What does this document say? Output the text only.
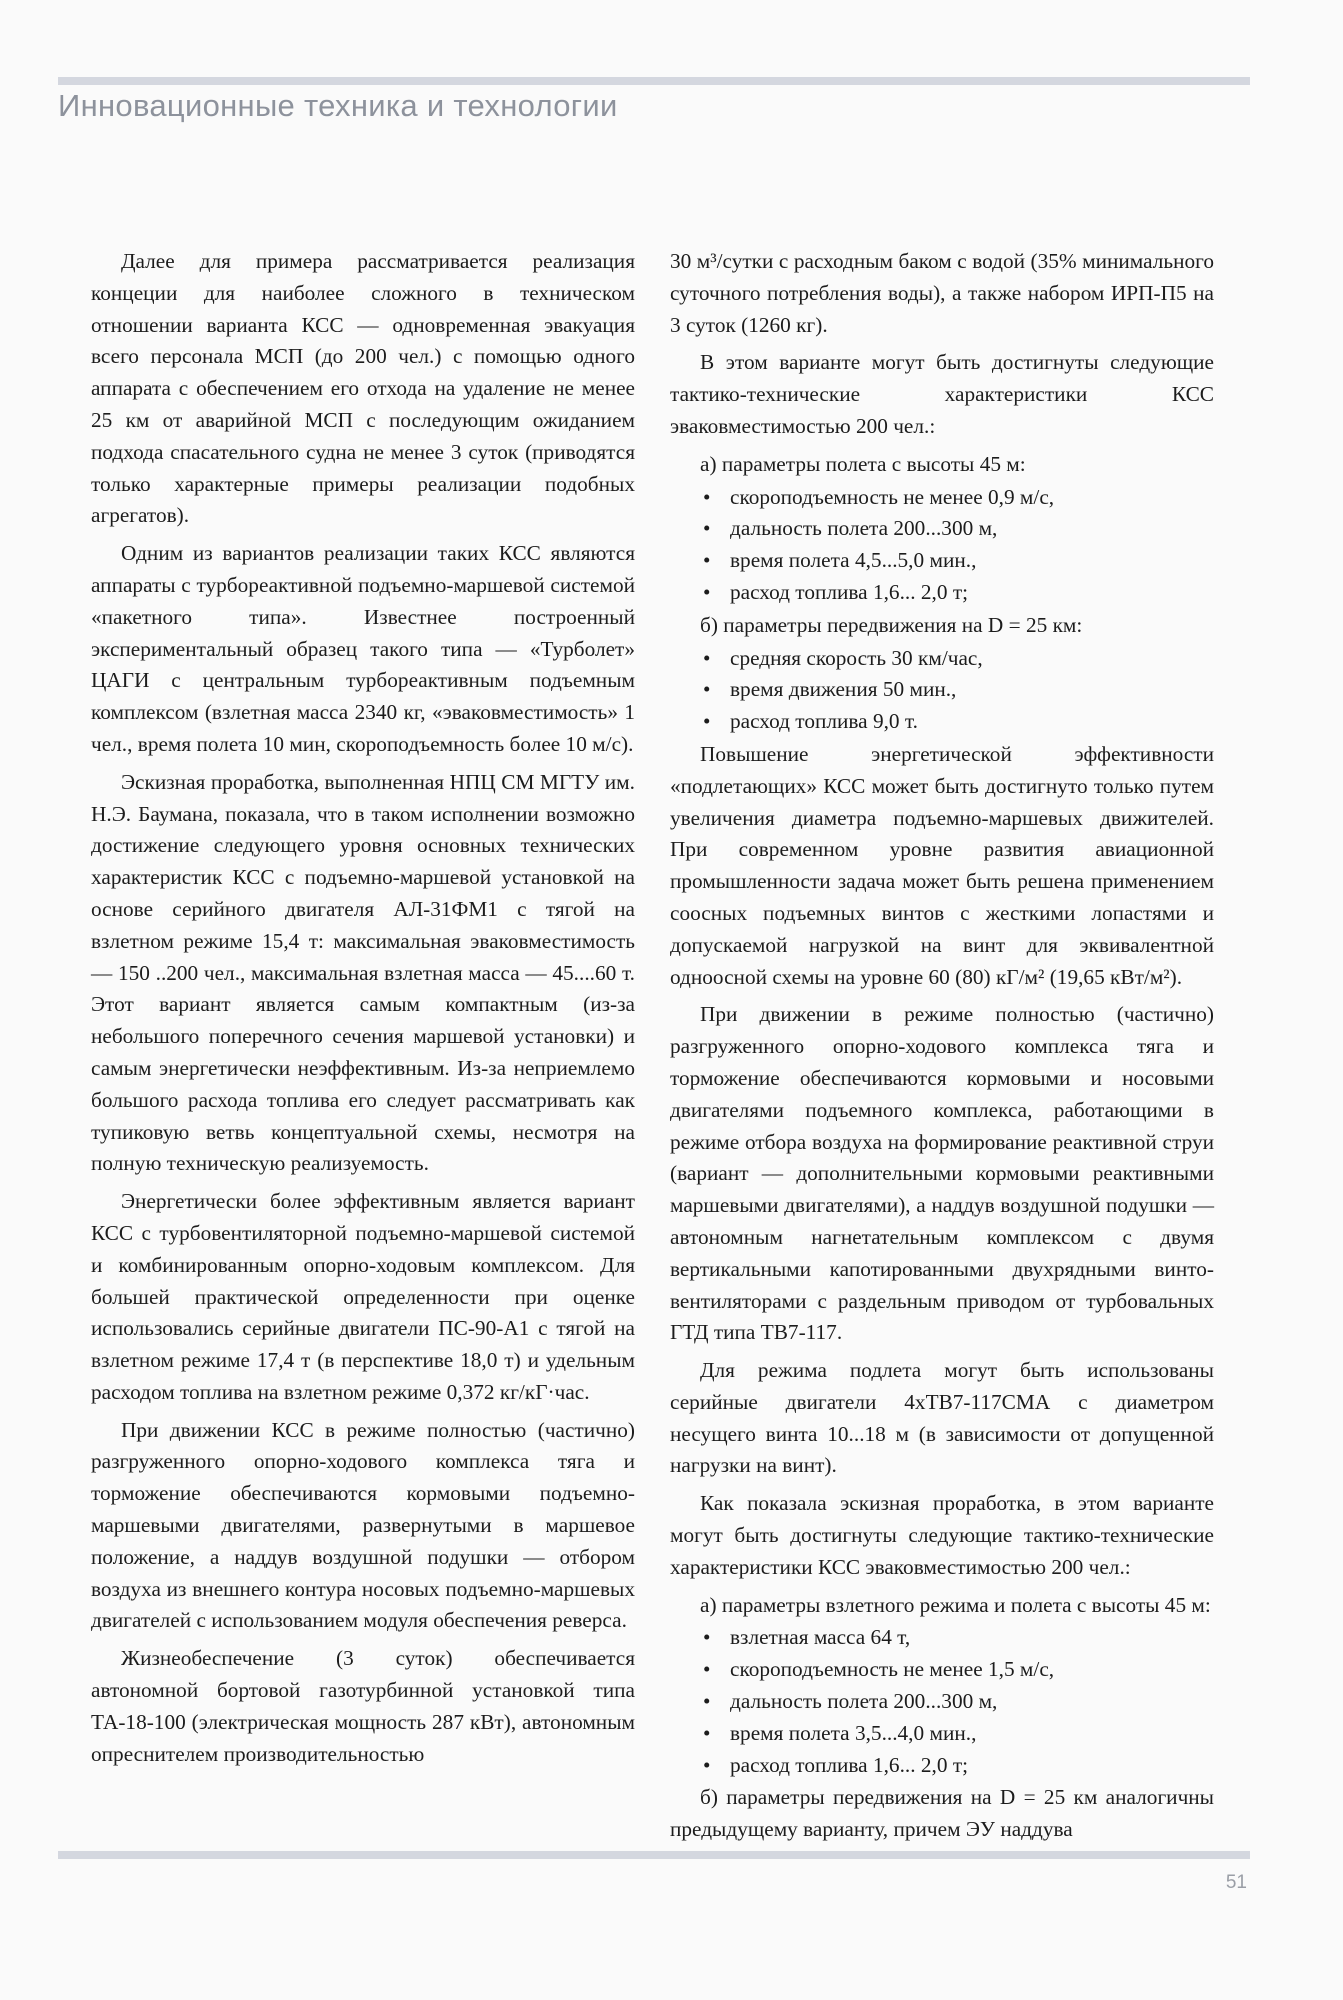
Инновационные техника и технологии

Далее для примера рассматривается реализация концеции для наиболее сложного в техническом отношении варианта КСС — одновременная эвакуация всего персонала МСП (до 200 чел.) с помощью одного аппарата с обеспечением его отхода на удаление не менее 25 км от аварийной МСП с последующим ожиданием подхода спасательного судна не менее 3 суток (приводятся только характерные примеры реализации подобных агрегатов).

Одним из вариантов реализации таких КСС являются аппараты с турбореактивной подъемно-маршевой системой «пакетного типа». Известнее построенный экспериментальный образец такого типа — «Турболет» ЦАГИ с центральным турбореактивным подъемным комплексом (взлетная масса 2340 кг, «эваковместимость» 1 чел., время полета 10 мин, скороподъемность более 10 м/с).

Эскизная проработка, выполненная НПЦ СМ МГТУ им. Н.Э. Баумана, показала, что в таком исполнении возможно достижение следующего уровня основных технических характеристик КСС с подъемно-маршевой установкой на основе серийного двигателя АЛ-31ФМ1 с тягой на взлетном режиме 15,4 т: максимальная эваковместимость — 150 ..200 чел., максимальная взлетная масса — 45....60 т. Этот вариант является самым компактным (из-за небольшого поперечного сечения маршевой установки) и самым энергетически неэффективным. Из-за неприемлемо большого расхода топлива его следует рассматривать как тупиковую ветвь концептуальной схемы, несмотря на полную техническую реализуемость.

Энергетически более эффективным является вариант КСС с турбовентиляторной подъемно-маршевой системой и комбинированным опорно-ходовым комплексом. Для большей практической определенности при оценке использовались серийные двигатели ПС-90-А1 с тягой на взлетном режиме 17,4 т (в перспективе 18,0 т) и удельным расходом топлива на взлетном режиме 0,372 кг/кГ·час.

При движении КСС в режиме полностью (частично) разгруженного опорно-ходового комплекса тяга и торможение обеспечиваются кормовыми подъемно-маршевыми двигателями, развернутыми в маршевое положение, а наддув воздушной подушки — отбором воздуха из внешнего контура носовых подъемно-маршевых двигателей с использованием модуля обеспечения реверса.

Жизнеобеспечение (3 суток) обеспечивается автономной бортовой газотурбинной установкой типа ТА-18-100 (электрическая мощность 287 кВт), автономным опреснителем производительностью

30 м³/сутки с расходным баком с водой (35% минимального суточного потребления воды), а также набором ИРП-П5 на 3 суток (1260 кг).

В этом варианте могут быть достигнуты следующие тактико-технические характеристики КСС эваковместимостью 200 чел.:

а) параметры полета с высоты 45 м:

• скороподъемность не менее 0,9 м/с,
• дальность полета 200...300 м,
• время полета 4,5...5,0 мин.,
• расход топлива 1,6... 2,0 т;

б) параметры передвижения на D = 25 км:

• средняя скорость 30 км/час,
• время движения 50 мин.,
• расход топлива 9,0 т.

Повышение энергетической эффективности «подлетающих» КСС может быть достигнуто только путем увеличения диаметра подъемно-маршевых движителей. При современном уровне развития авиационной промышленности задача может быть решена применением соосных подъемных винтов с жесткими лопастями и допускаемой нагрузкой на винт для эквивалентной одноосной схемы на уровне 60 (80) кГ/м² (19,65 кВт/м²).

При движении в режиме полностью (частично) разгруженного опорно-ходового комплекса тяга и торможение обеспечиваются кормовыми и носовыми двигателями подъемного комплекса, работающими в режиме отбора воздуха на формирование реактивной струи (вариант — дополнительными кормовыми реактивными маршевыми двигателями), а наддув воздушной подушки — автономным нагнетательным комплексом с двумя вертикальными капотированными двухрядными винто-вентиляторами с раздельным приводом от турбовальных ГТД типа ТВ7-117.

Для режима подлета могут быть использованы серийные двигатели 4хТВ7-117СМА с диаметром несущего винта 10...18 м (в зависимости от допущенной нагрузки на винт).

Как показала эскизная проработка, в этом варианте могут быть достигнуты следующие тактико-технические характеристики КСС эваковместимостью 200 чел.:

а) параметры взлетного режима и полета с высоты 45 м:

• взлетная масса 64 т,
• скороподъемность не менее 1,5 м/с,
• дальность полета 200...300 м,
• время полета 3,5...4,0 мин.,
• расход топлива 1,6... 2,0 т;

б) параметры передвижения на D = 25 км аналогичны предыдущему варианту, причем ЭУ наддува

51
